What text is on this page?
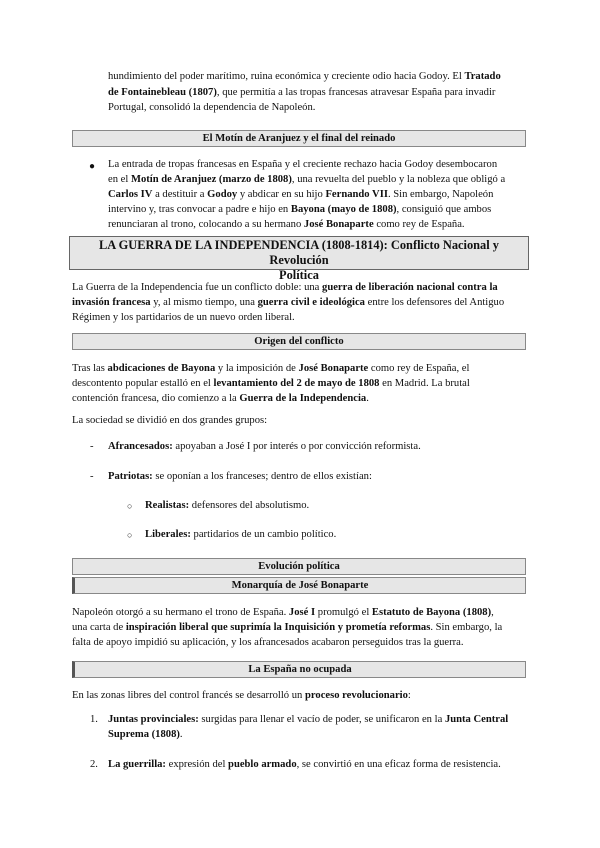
hundimiento del poder marítimo, ruina económica y creciente odio hacia Godoy. El Tratado

de Fontainebleau (1807), que permitía a las tropas francesas atravesar España para invadir

Portugal, consolidó la dependencia de Napoleón.

El Motín de Aranjuez y el final del reinado
● La entrada de tropas francesas en España y el creciente rechazo hacia Godoy desembocaron

en el Motín de Aranjuez (marzo de 1808), una revuelta del pueblo y la nobleza que obligó a

Carlos IV a destituir a Godoy y abdicar en su hijo Fernando VII. Sin embargo, Napoleón

intervino y, tras convocar a padre e hijo en Bayona (mayo de 1808), consiguió que ambos

renunciaran al trono, colocando a su hermano José Bonaparte como rey de España.

LA GUERRA DE LA INDEPENDENCIA (1808-1814): Conflicto Nacional y Revolución
Política

La Guerra de la Independencia fue un conflicto doble: una guerra de liberación nacional contra la

invasión francesa y, al mismo tiempo, una guerra civil e ideológica entre los defensores del Antiguo

Régimen y los partidarios de un nuevo orden liberal.

Origen del conflicto

Tras las abdicaciones de Bayona y la imposición de José Bonaparte como rey de España, el

descontento popular estalló en el levantamiento del 2 de mayo de 1808 en Madrid. La brutal

contención francesa, dio comienzo a la Guerra de la Independencia.

La sociedad se dividió en dos grandes grupos:

- Afrancesados: apoyaban a José I por interés o por convicción reformista.

- Patriotas: se oponían a los franceses; dentro de ellos existían:

○ Realistas: defensores del absolutismo.

○ Liberales: partidarios de un cambio político.

Evolución política
Monarquía de José Bonaparte

Napoleón otorgó a su hermano el trono de España. José I promulgó el Estatuto de Bayona (1808),

una carta de inspiración liberal que suprimía la Inquisición y prometía reformas. Sin embargo, la

falta de apoyo impidió su aplicación, y los afrancesados acabaron perseguidos tras la guerra.

La España no ocupada

En las zonas libres del control francés se desarrolló un proceso revolucionario:

1. Juntas provinciales: surgidas para llenar el vacío de poder, se unificaron en la Junta Central

Suprema (1808).

2. La guerrilla: expresión del pueblo armado, se convirtió en una eficaz forma de resistencia.
